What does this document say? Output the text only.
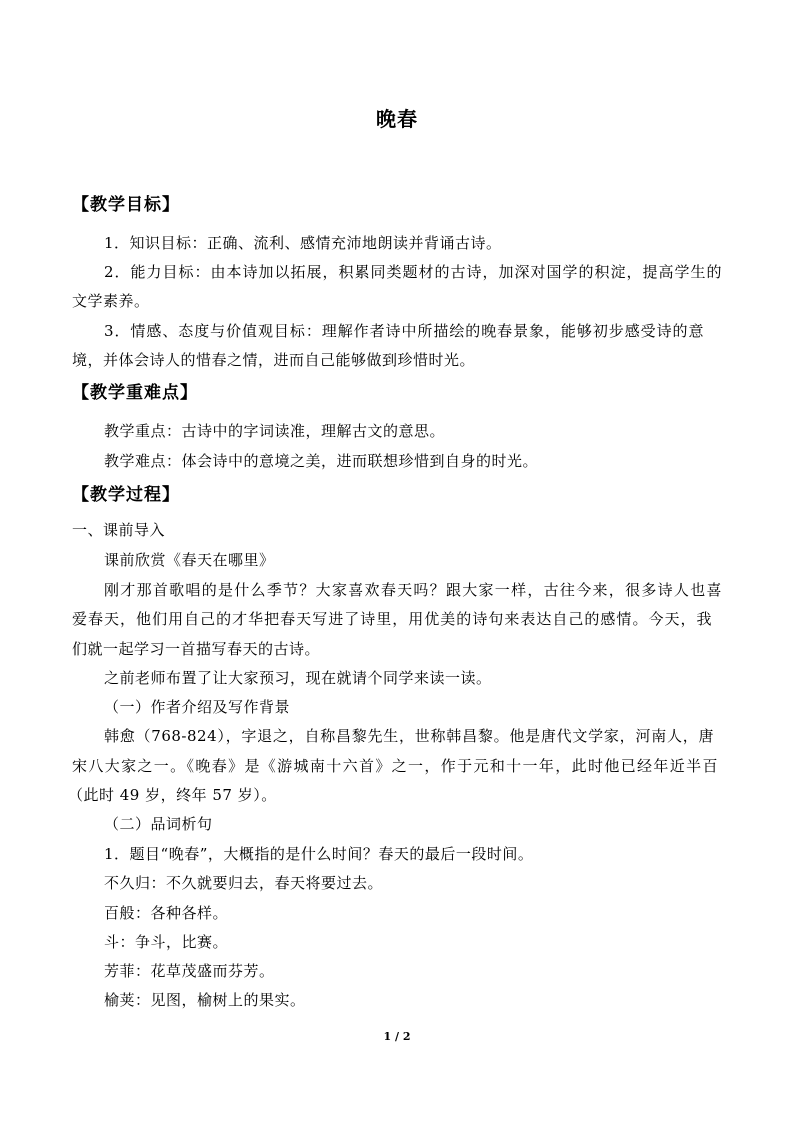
晚春
【教学目标】
1．知识目标：正确、流利、感情充沛地朗读并背诵古诗。
2．能力目标：由本诗加以拓展，积累同类题材的古诗，加深对国学的积淀，提高学生的
文学素养。
3．情感、态度与价值观目标：理解作者诗中所描绘的晚春景象，能够初步感受诗的意
境，并体会诗人的惜春之情，进而自己能够做到珍惜时光。
【教学重难点】
教学重点：古诗中的字词读准，理解古文的意思。
教学难点：体会诗中的意境之美，进而联想珍惜到自身的时光。
【教学过程】
一、课前导入
课前欣赏《春天在哪里》
刚才那首歌唱的是什么季节？大家喜欢春天吗？跟大家一样，古往今来，很多诗人也喜
爱春天，他们用自己的才华把春天写进了诗里，用优美的诗句来表达自己的感情。今天，我
们就一起学习一首描写春天的古诗。
之前老师布置了让大家预习，现在就请个同学来读一读。
（一）作者介绍及写作背景
韩愈（768-824），字退之，自称昌黎先生，世称韩昌黎。他是唐代文学家，河南人，唐
宋八大家之一。《晚春》是《游城南十六首》之一，作于元和十一年，此时他已经年近半百
（此时 49 岁，终年 57 岁）。
（二）品词析句
1．题目“晚春”，大概指的是什么时间？春天的最后一段时间。
不久归：不久就要归去，春天将要过去。
百般：各种各样。
斗：争斗，比赛。
芳菲：花草茂盛而芬芳。
榆荚：见图，榆树上的果实。
1 / 2
